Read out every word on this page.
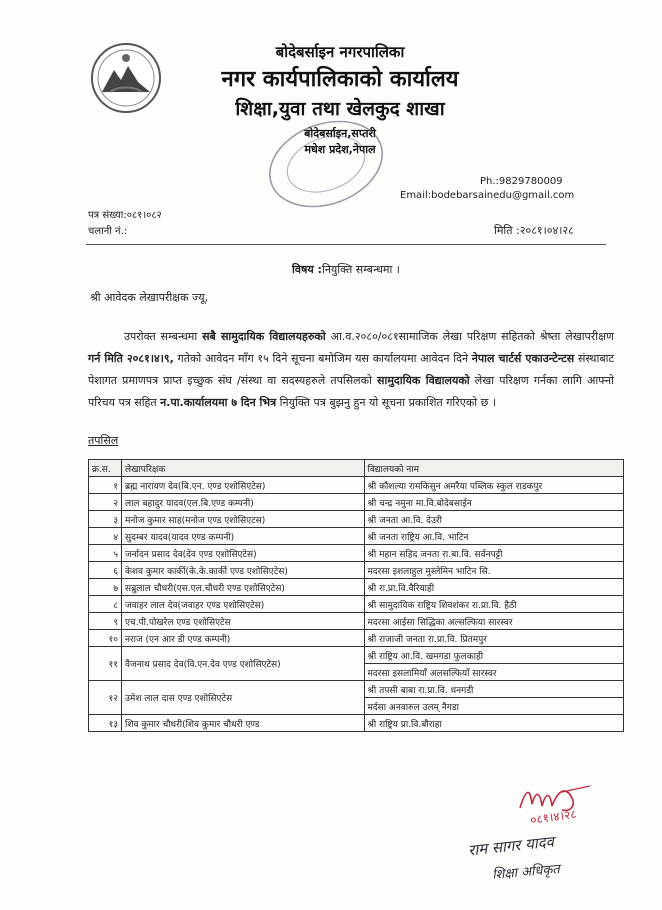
बोदेबर्साइन नगरपालिका
नगर कार्यपालिकाको कार्यालय
शिक्षा,युवा तथा खेलकुद शाखा
बोदेबर्साइन,सप्तरी
मधेश प्रदेश,नेपाल
Ph.:9829780009
Email:bodebarsainedu@gmail.com
पत्र संख्या:०८१।०८२
चलानी नं.:	मिति :२०८१।०४।२८
विषय :नियुक्ति सम्बन्धमा ।
श्री आवेदक लेखापरीक्षक ज्यू,
उपरोक्त सम्बन्धमा सबै सामुदायिक विद्यालयहरुको आ.व.२०८०/०८१सामाजिक लेखा परिक्षण सहितको श्रेष्ता लेखापरीक्षण गर्न मिति २०८१।४।९, गतेको आवेदन माँग १५ दिने सूचना बमोजिम यस कार्यालयमा आवेदन दिने नेपाल चार्टर्स एकाउन्टेन्टस संस्थाबाट पेशागत प्रमाणपत्र प्राप्त इच्छुक संघ /संस्था वा सदस्यहरुले तपसिलको सामुदायिक विद्यालयको लेखा परिक्षण गर्नका लागि आफ्नो परिचय पत्र सहित न.पा.कार्यालयमा ७ दिन भित्र नियुक्ति पत्र बुझनु हुन यो सूचना प्रकाशित गरिएको छ ।
तपसिल
क्र.स.	लेखापरिक्षक	विद्यालयको नाम
१	ब्रह्म नारायण देव(बि.एन. एण्ड एशोसिएटेस)	श्री कौशल्या रामकिसुन अमरैया पब्लिक स्कुल राडकपुर
२	लाल बहादुर यादव(एल.बि.एण्ड कम्पनी)	श्री चन्द्र नमुना मा.वि.बोदेबसाईन
३	मनोज कुमार साह(मनोज एण्ड एशोसिएटस)	श्री जनता आ.वि. देउरी
४	सुदम्बर यादव(यादव एण्ड कम्पनी)	श्री जनता राष्ट्रिय आ.वि. भाटिन
५	जर्नादन प्रसाद देव(देव एण्ड एशोसिएटेस)	श्री महान सहिद जनता रा.बा.वि. सर्वनपट्टी
६	केशव कुमार कार्की(के.के.कार्की एण्ड एशोसिएटेस)	मदरसा इशलाहुल मुस्लेमिन भाटिन सि.
७	सब्रुलाल चौधरी(एस.एल.चौधरी एण्ड एशोसिएटेस)	श्री रा.प्रा.वि.वैरियाही
८	जवाहर लाल देव(जवाहर एण्ड एशोसिएटेस)	श्री सामुदायिक राष्ट्रिय शिवशंकर रा.प्रा.वि. हैठी
९	एच.पी.पोखरेल एण्ड एशोसिएटेस	मदरसा आईसा सिद्धिका अल्सल्फिया सारस्वर
१०	नराज (एन आर डी एण्ड कम्पनी)	श्री राजाजी जनता रा.प्रा.वि. प्रितमपुर
११	वैजनाथ प्रसाद देव(वि.एन.देव एण्ड एशोसिएटेस)	श्री राष्ट्रिय आ.वि. खमगडा फुलकाही
		मदरसा इसलामियाँ अलसल्फियाँ सारस्वर
१२	उमेश लाल दास एण्ड एशोसिएटेस	श्री तपसी बाबा रा.प्रा.वि. धनगडी
		मर्दसा अनवारुल उलम् नैगडा
१३	शिव कुमार चौधरी(शिव कुमार चौधरी एण्ड	श्री राष्ट्रिय प्रा.वि.बौराहा
०८१।४।२८
राम सागर यादव
शिक्षा अधिकृत
